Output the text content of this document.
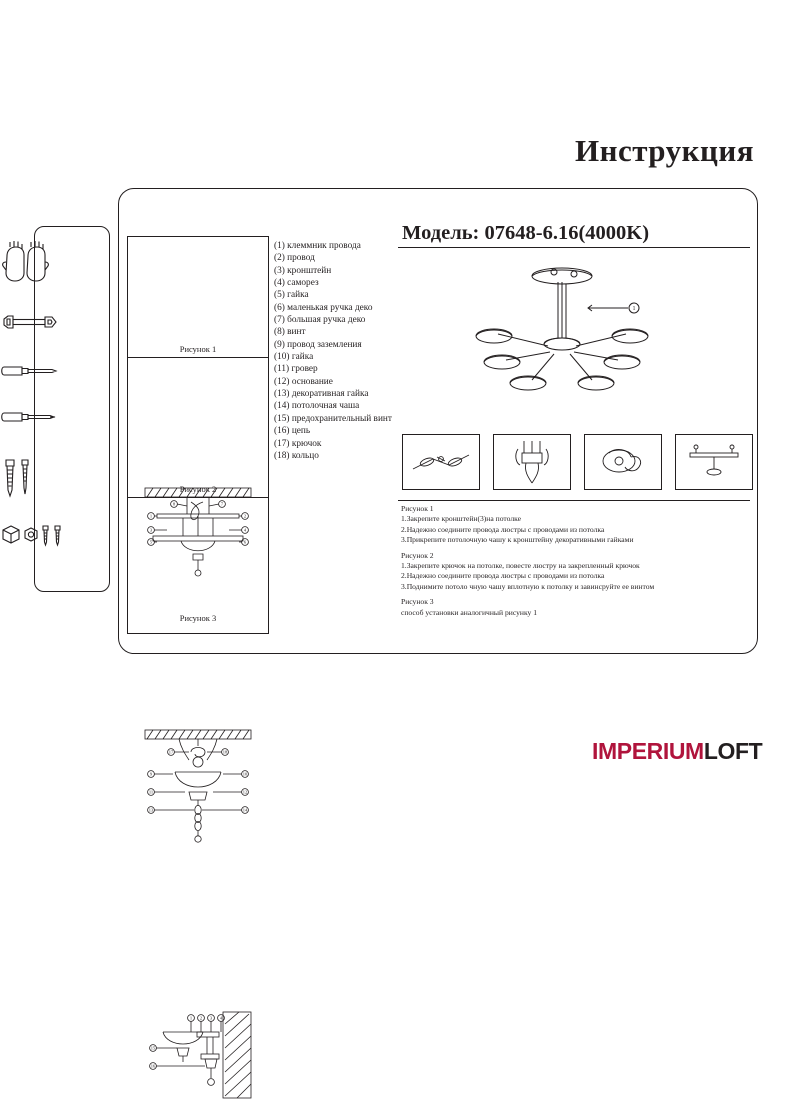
Инструкция
1
3
5
2
4
6
7
8
Рисунок 1
9
11
13
10
12
14
17	18
Рисунок 2
1 2 3 4
15
16
Рисунок 3
(1) клеммник провода
(2) провод
(3) кронштейн
(4) саморез
(5) гайка
(6) маленькая ручка деко
(7) большая ручка деко
(8) винт
(9) провод заземления
(10) гайка
(11) гровер
(12) основание
(13) декоративная гайка
(14) потолочная чаша
(15) предохранительный винт
(16) цепь
(17) крючок
(18) кольцо
Модель: 07648-6.16(4000K)
1
Рисунок 1
1.Закрепите кронштейн(3)на потолке
2.Надежно соедините провода люстры с проводами из потолка
3.Прикрепите потолочную чашу к кронштейну декоративными гайками
Рисунок 2
1.Закрепите крючок на потолке, повесте люстру на закрепленный крючок
2.Надежно соедините провода люстры с проводами из потолка
3.Поднимите потоло чную чашу вплотную к потолку и завинсруйте ее винтом
Рисунок 3
способ установки аналогичный рисунку 1
IMPERIUMLOFT
